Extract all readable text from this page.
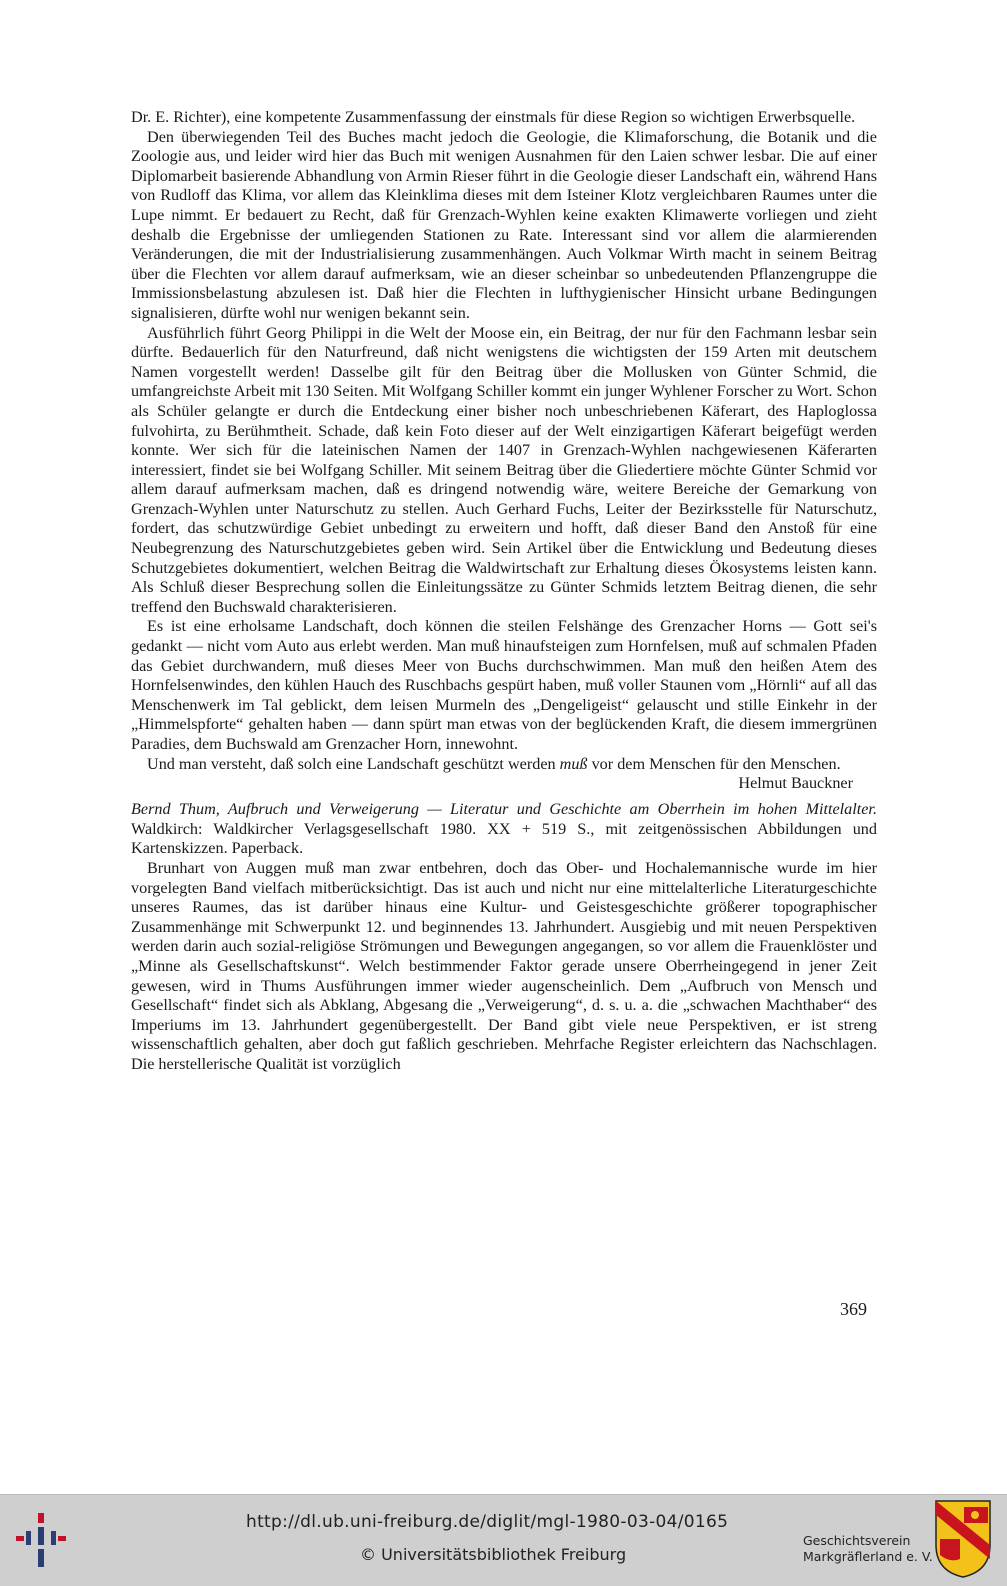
Dr. E. Richter), eine kompetente Zusammenfassung der einstmals für diese Region so wichtigen Erwerbsquelle.

Den überwiegenden Teil des Buches macht jedoch die Geologie, die Klimaforschung, die Botanik und die Zoologie aus, und leider wird hier das Buch mit wenigen Ausnahmen für den Laien schwer lesbar. Die auf einer Diplomarbeit basierende Abhandlung von Armin Rieser führt in die Geologie dieser Landschaft ein, während Hans von Rudloff das Klima, vor allem das Kleinklima dieses mit dem Isteiner Klotz vergleichbaren Raumes unter die Lupe nimmt. Er bedauert zu Recht, daß für Grenzach-Wyhlen keine exakten Klimawerte vorliegen und zieht deshalb die Ergebnisse der umliegenden Stationen zu Rate. Interessant sind vor allem die alarmierenden Veränderungen, die mit der Industrialisierung zusammenhängen. Auch Volkmar Wirth macht in seinem Beitrag über die Flechten vor allem darauf aufmerksam, wie an dieser scheinbar so unbedeutenden Pflanzengruppe die Immissionsbelastung abzulesen ist. Daß hier die Flechten in lufthygienischer Hinsicht urbane Bedingungen signalisieren, dürfte wohl nur wenigen bekannt sein.

Ausführlich führt Georg Philippi in die Welt der Moose ein, ein Beitrag, der nur für den Fachmann lesbar sein dürfte. Bedauerlich für den Naturfreund, daß nicht wenigstens die wichtigsten der 159 Arten mit deutschem Namen vorgestellt werden! Dasselbe gilt für den Beitrag über die Mollusken von Günter Schmid, die umfangreichste Arbeit mit 130 Seiten. Mit Wolfgang Schiller kommt ein junger Wyhlener Forscher zu Wort. Schon als Schüler gelangte er durch die Entdeckung einer bisher noch unbeschriebenen Käferart, des Haploglossa fulvohirta, zu Berühmtheit. Schade, daß kein Foto dieser auf der Welt einzigartigen Käferart beigefügt werden konnte. Wer sich für die lateinischen Namen der 1407 in Grenzach-Wyhlen nachgewiesenen Käferarten interessiert, findet sie bei Wolfgang Schiller. Mit seinem Beitrag über die Gliedertiere möchte Günter Schmid vor allem darauf aufmerksam machen, daß es dringend notwendig wäre, weitere Bereiche der Gemarkung von Grenzach-Wyhlen unter Naturschutz zu stellen. Auch Gerhard Fuchs, Leiter der Bezirksstelle für Naturschutz, fordert, das schutzwürdige Gebiet unbedingt zu erweitern und hofft, daß dieser Band den Anstoß für eine Neubegrenzung des Naturschutzgebietes geben wird. Sein Artikel über die Entwicklung und Bedeutung dieses Schutzgebietes dokumentiert, welchen Beitrag die Waldwirtschaft zur Erhaltung dieses Ökosystems leisten kann. Als Schluß dieser Besprechung sollen die Einleitungssätze zu Günter Schmids letztem Beitrag dienen, die sehr treffend den Buchswald charakterisieren.

Es ist eine erholsame Landschaft, doch können die steilen Felshänge des Grenzacher Horns — Gott sei's gedankt — nicht vom Auto aus erlebt werden. Man muß hinaufsteigen zum Hornfelsen, muß auf schmalen Pfaden das Gebiet durchwandern, muß dieses Meer von Buchs durchschwimmen. Man muß den heißen Atem des Hornfelsenwindes, den kühlen Hauch des Ruschbachs gespürt haben, muß voller Staunen vom „Hörnli“ auf all das Menschenwerk im Tal geblickt, dem leisen Murmeln des „Dengeligeist“ gelauscht und stille Einkehr in der „Himmelspforte“ gehalten haben — dann spürt man etwas von der beglückenden Kraft, die diesem immergrünen Paradies, dem Buchswald am Grenzacher Horn, innewohnt.

Und man versteht, daß solch eine Landschaft geschützt werden muß vor dem Menschen für den Menschen.
Helmut Bauckner

Bernd Thum, Aufbruch und Verweigerung — Literatur und Geschichte am Oberrhein im hohen Mittelalter. Waldkirch: Waldkircher Verlagsgesellschaft 1980. XX + 519 S., mit zeitgenössischen Abbildungen und Kartenskizzen. Paperback.

Brunhart von Auggen muß man zwar entbehren, doch das Ober- und Hochalemannische wurde im hier vorgelegten Band vielfach mitberücksichtigt. Das ist auch und nicht nur eine mittelalterliche Literaturgeschichte unseres Raumes, das ist darüber hinaus eine Kultur- und Geistesgeschichte größerer topographischer Zusammenhänge mit Schwerpunkt 12. und beginnendes 13. Jahrhundert. Ausgiebig und mit neuen Perspektiven werden darin auch sozial-religiöse Strömungen und Bewegungen angegangen, so vor allem die Frauenklöster und „Minne als Gesellschaftskunst“. Welch bestimmender Faktor gerade unsere Oberrheingegend in jener Zeit gewesen, wird in Thums Ausführungen immer wieder augenscheinlich. Dem „Aufbruch von Mensch und Gesellschaft“ findet sich als Abklang, Abgesang die „Verweigerung“, d. s. u. a. die „schwachen Machthaber“ des Imperiums im 13. Jahrhundert gegenübergestellt. Der Band gibt viele neue Perspektiven, er ist streng wissenschaftlich gehalten, aber doch gut faßlich geschrieben. Mehrfache Register erleichtern das Nachschlagen. Die herstellerische Qualität ist vorzüglich

369
http://dl.ub.uni-freiburg.de/diglit/mgl-1980-03-04/0165
© Universitätsbibliothek Freiburg
Geschichtsverein
Markgräflerland e. V.
